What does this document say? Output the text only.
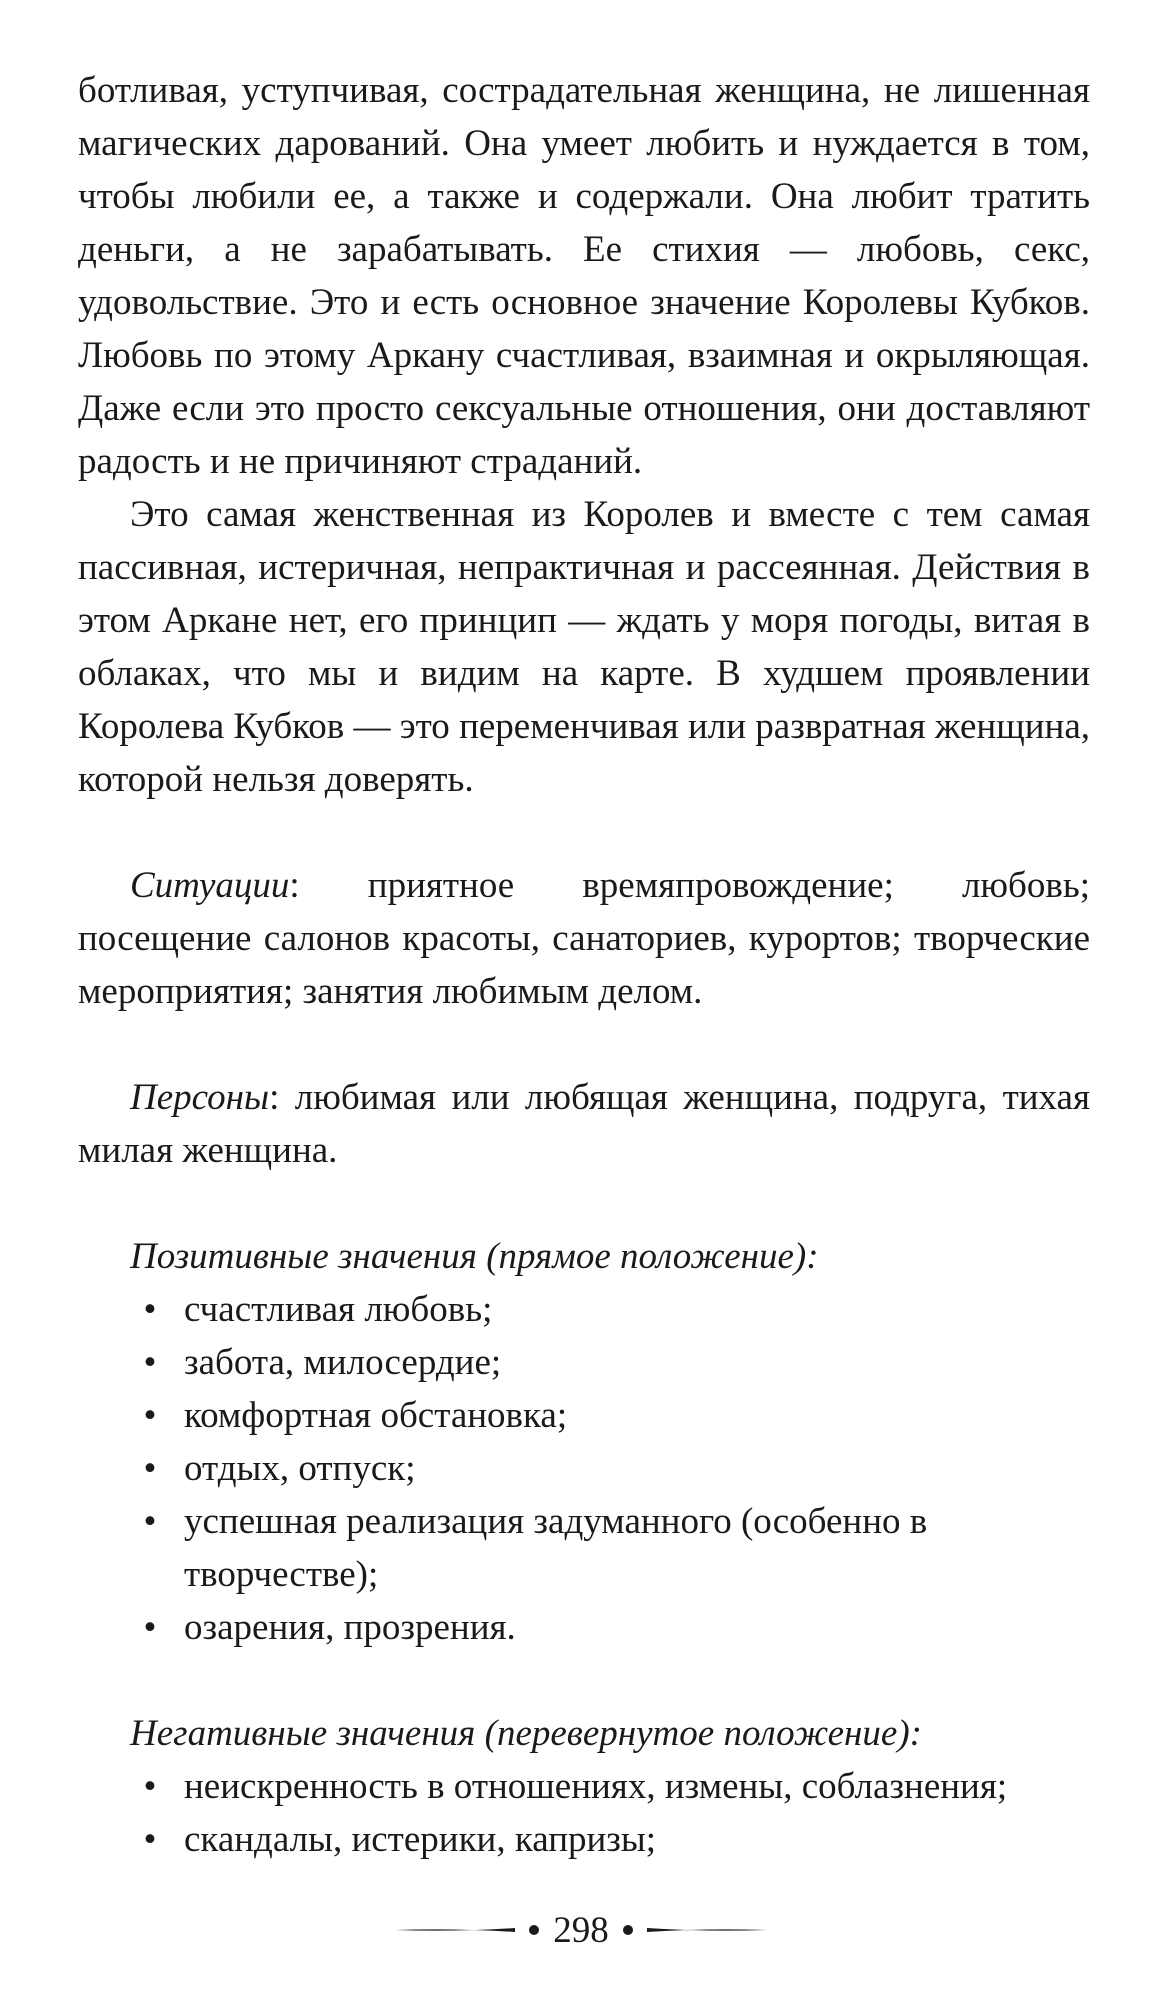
ботливая, уступчивая, сострадательная женщина, не лишенная магических дарований. Она умеет любить и нуждается в том, чтобы любили ее, а также и содержали. Она любит тратить деньги, а не зарабатывать. Ее стихия — любовь, секс, удовольствие. Это и есть основное значение Королевы Кубков. Любовь по этому Аркану счастливая, взаимная и окрыляющая. Даже если это просто сексуальные отношения, они доставляют радость и не причиняют страданий.

Это самая женственная из Королев и вместе с тем самая пассивная, истеричная, непрактичная и рассеянная. Действия в этом Аркане нет, его принцип — ждать у моря погоды, витая в облаках, что мы и видим на карте. В худшем проявлении Королева Кубков — это переменчивая или развратная женщина, которой нельзя доверять.

Ситуации: приятное времяпровождение; любовь; посещение салонов красоты, санаториев, курортов; творческие мероприятия; занятия любимым делом.

Персоны: любимая или любящая женщина, подруга, тихая милая женщина.

Позитивные значения (прямое положение):

• счастливая любовь;
• забота, милосердие;
• комфортная обстановка;
• отдых, отпуск;
• успешная реализация задуманного (особенно в творчестве);
• озарения, прозрения.

Негативные значения (перевернутое положение):

• неискренность в отношениях, измены, соблазнения;
• скандалы, истерики, капризы;
298
